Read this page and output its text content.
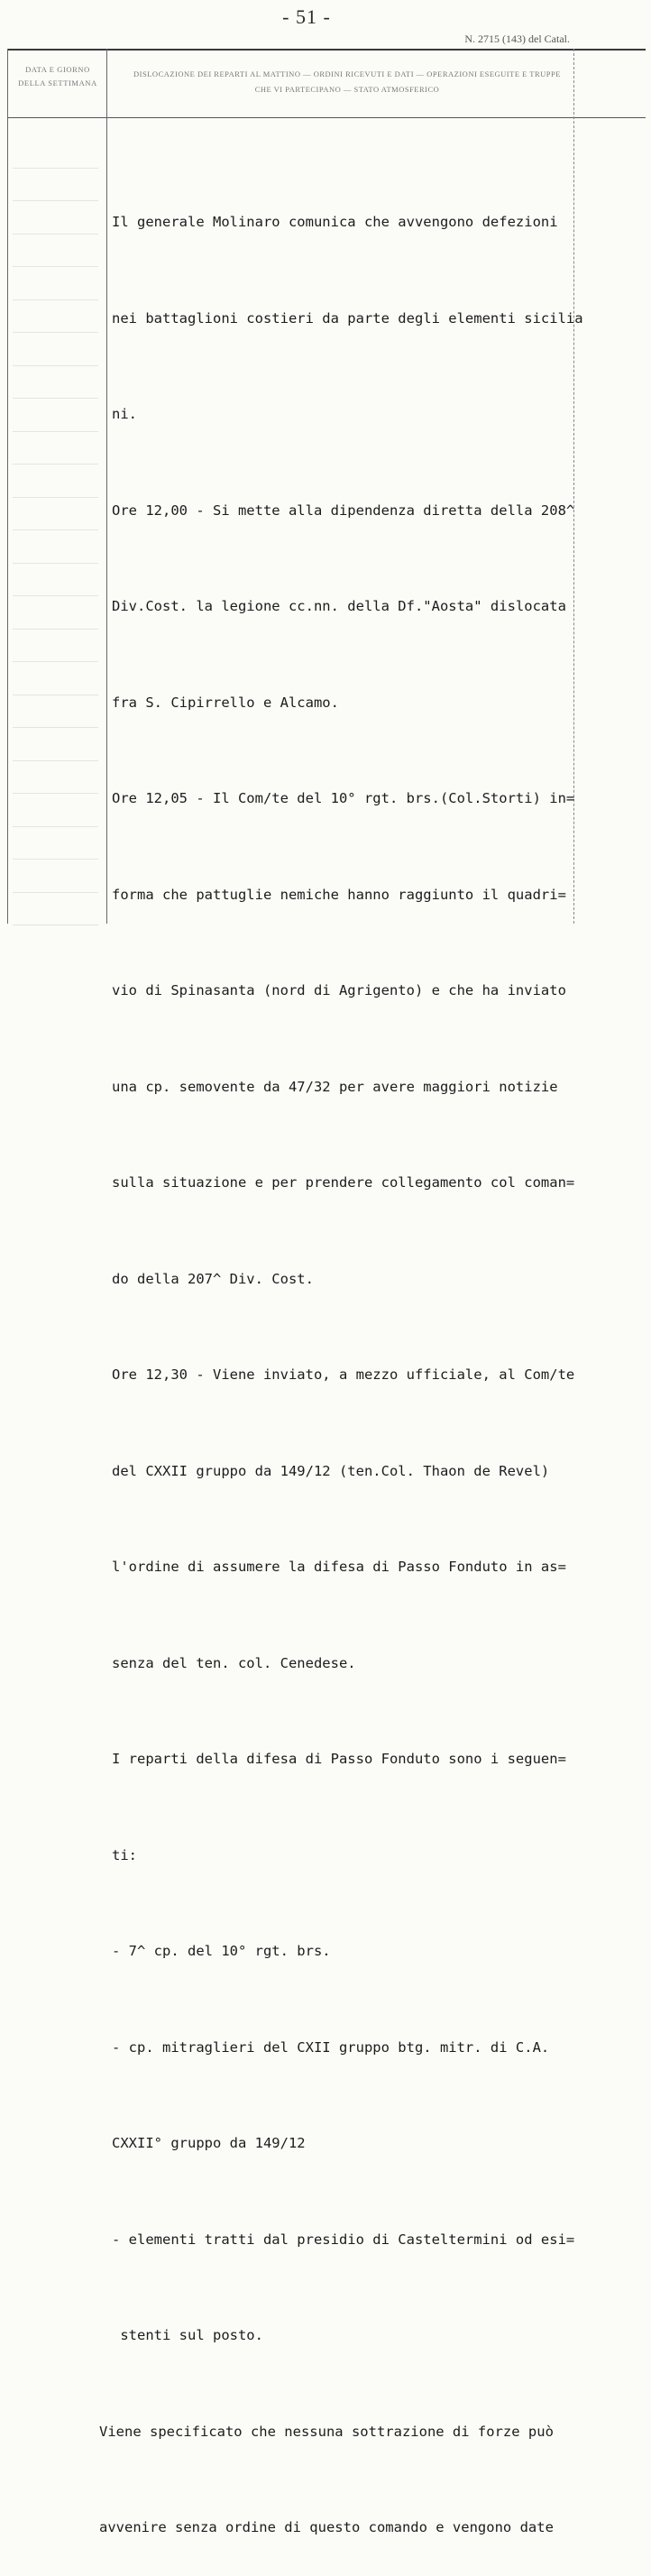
- 51 -
N. 2715 (143) del Catal.
DATA E GIORNO DELLA SETTIMANA
DISLOCAZIONE DEI REPARTI AL MATTINO — ORDINI RICEVUTI E DATI — OPERAZIONI ESEGUITE E TRUPPE CHE VI PARTECIPANO — STATO ATMOSFERICO

Il generale Molinaro comunica che avvengono defezioni

nei battaglioni costieri da parte degli elementi sicilia

ni.

Ore 12,00 - Si mette alla dipendenza diretta della 208^

Div.Cost. la legione cc.nn. della Df."Aosta" dislocata

fra S. Cipirrello e Alcamo.

Ore 12,05 - Il Com/te del 10° rgt. brs.(Col.Storti) in=

forma che pattuglie nemiche hanno raggiunto il quadri=

vio di Spinasanta (nord di Agrigento) e che ha inviato

una cp. semovente da 47/32 per avere maggiori notizie

sulla situazione e per prendere collegamento col coman=

do della 207^ Div. Cost.

Ore 12,30 - Viene inviato, a mezzo ufficiale, al Com/te

del CXXII gruppo da 149/12 (ten.Col. Thaon de Revel)

l'ordine di assumere la difesa di Passo Fonduto in as=

senza del ten. col. Cenedese.

I reparti della difesa di Passo Fonduto sono i seguen=

ti:

- 7^ cp. del 10° rgt. brs.

- cp. mitraglieri del CXII gruppo btg. mitr. di C.A.

CXXII° gruppo da 149/12

- elementi tratti dal presidio di Casteltermini od esi=

stenti sul posto.

Viene specificato che nessuna sottrazione di forze può

avvenire senza ordine di questo comando e vengono date
